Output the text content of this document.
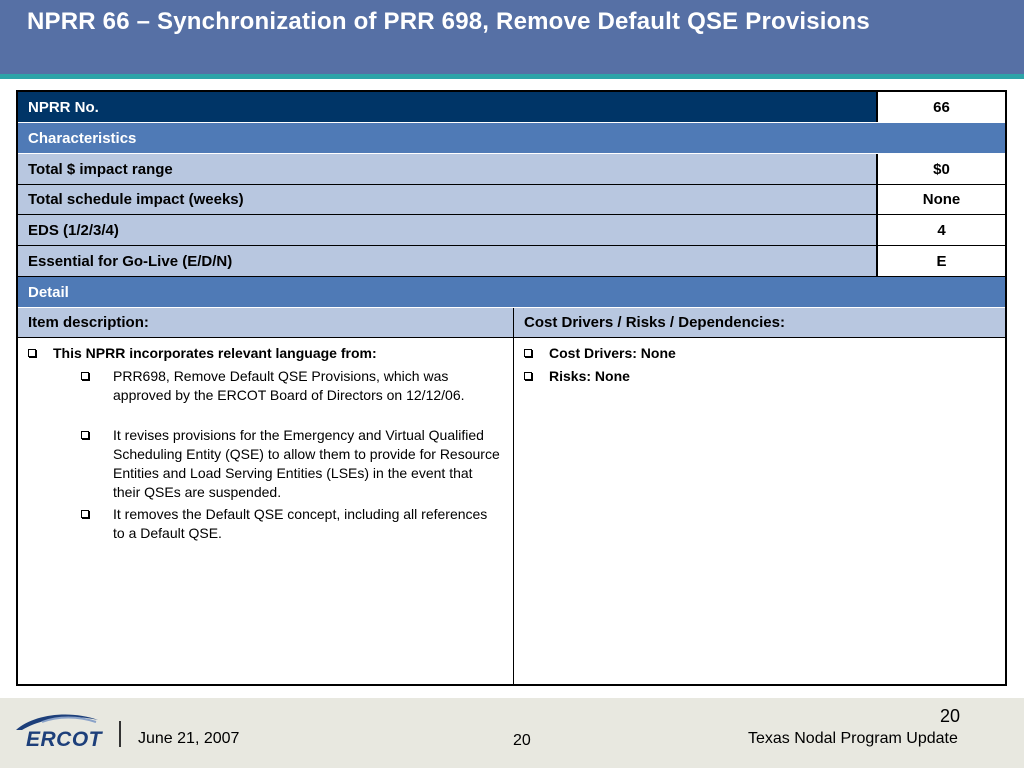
NPRR 66 – Synchronization of PRR 698, Remove Default QSE Provisions
NPRR No.	66
Characteristics
Total $ impact range	$0
Total schedule impact (weeks)	None
EDS (1/2/3/4)	4
Essential for Go-Live (E/D/N)	E
Detail
Item description:	Cost Drivers / Risks / Dependencies:
This NPRR incorporates relevant language from:
PRR698, Remove Default QSE Provisions, which was approved by the ERCOT Board of Directors on 12/12/06.
It revises provisions for the Emergency and Virtual Qualified Scheduling Entity (QSE) to allow them to provide for Resource Entities and Load Serving Entities (LSEs) in the event that their QSEs are suspended.
It removes the Default QSE concept, including all references to a Default QSE.
Cost Drivers: None
Risks: None
ERCOT June 21, 2007	20	Texas Nodal Program Update
20
